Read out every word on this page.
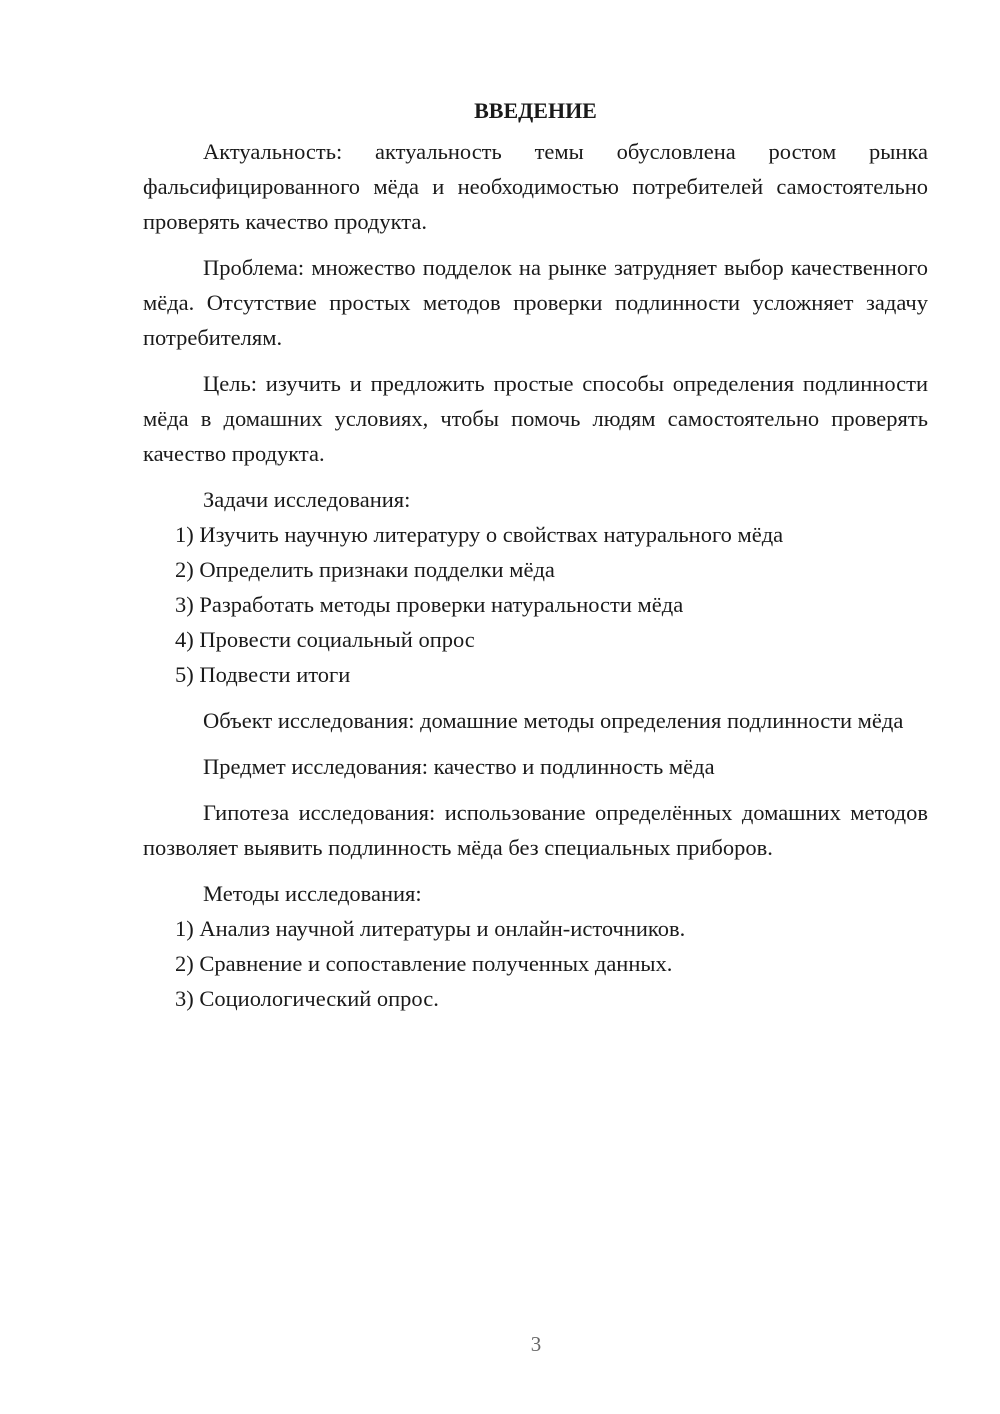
ВВЕДЕНИЕ

Актуальность: актуальность темы обусловлена ростом рынка фальсифицированного мёда и необходимостью потребителей самостоятельно проверять качество продукта.

Проблема: множество подделок на рынке затрудняет выбор качественного мёда. Отсутствие простых методов проверки подлинности усложняет задачу потребителям.

Цель: изучить и предложить простые способы определения подлинности мёда в домашних условиях, чтобы помочь людям самостоятельно проверять качество продукта.

Задачи исследования:

1) Изучить научную литературу о свойствах натурального мёда

2) Определить признаки подделки мёда

3) Разработать методы проверки натуральности мёда

4) Провести социальный опрос

5) Подвести итоги

Объект исследования: домашние методы определения подлинности мёда

Предмет исследования: качество и подлинность мёда

Гипотеза исследования: использование определённых домашних методов позволяет выявить подлинность мёда без специальных приборов.

Методы исследования:

1) Анализ научной литературы и онлайн-источников.

2) Сравнение и сопоставление полученных данных.

3) Социологический опрос.

3
